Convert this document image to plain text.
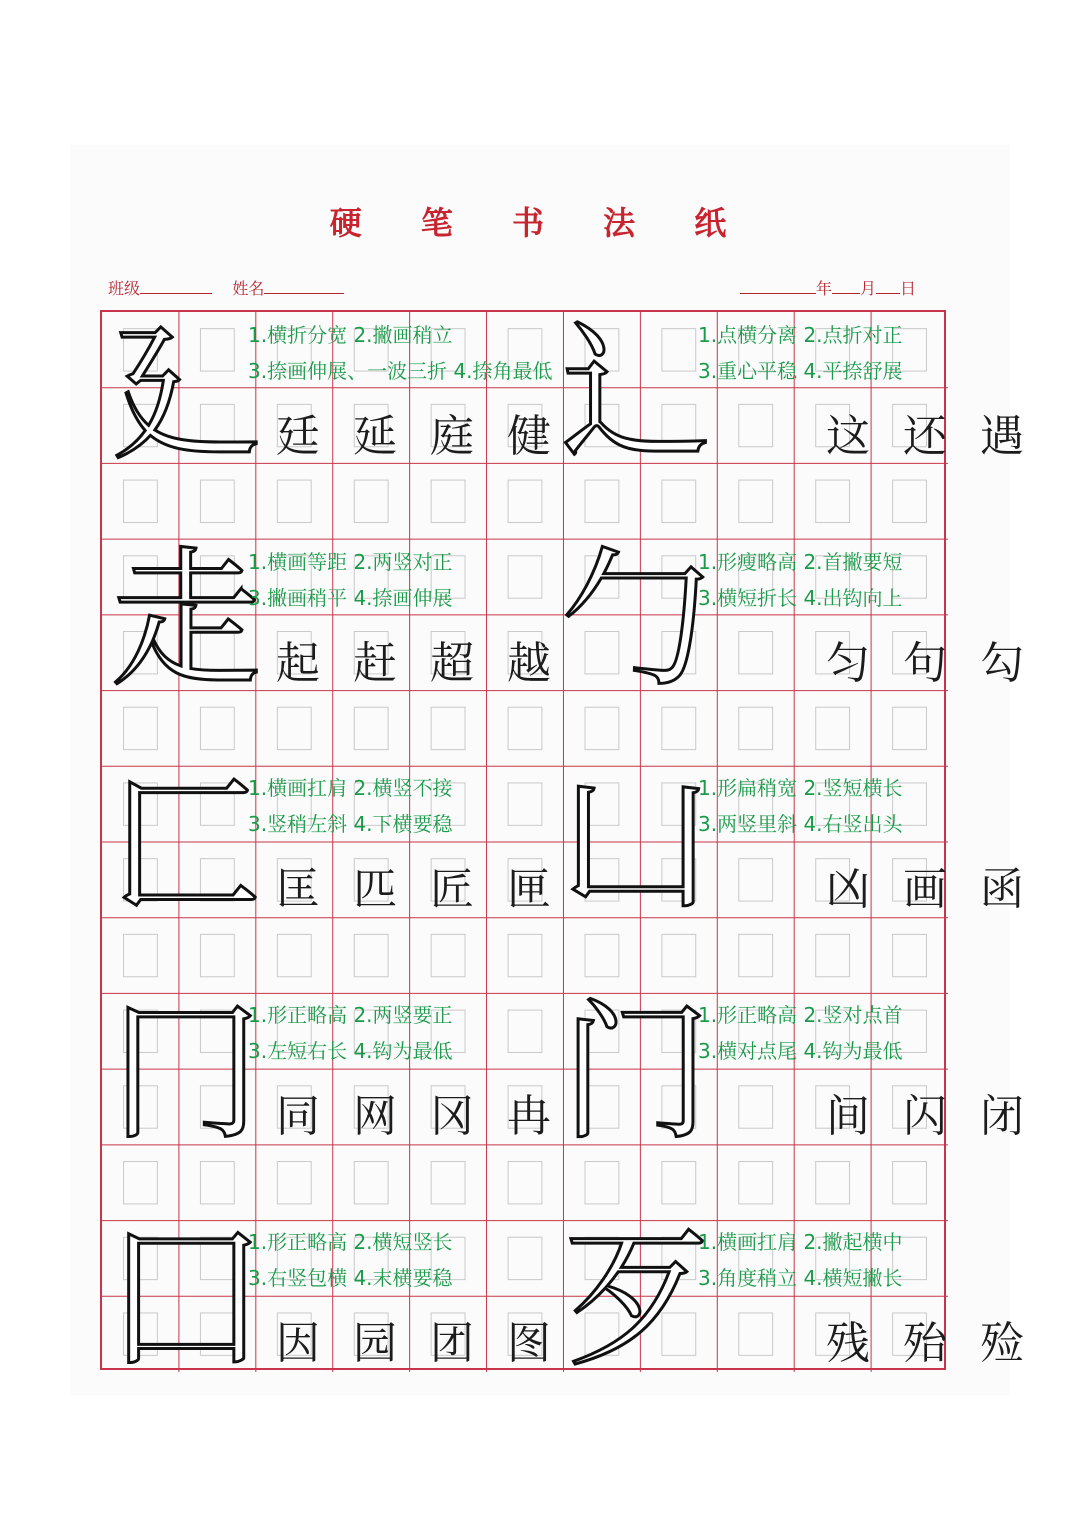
硬 笔 书 法 纸
班级	姓名	年 月 日
廴
1.横折分宽 2.撇画稍立
3.捺画伸展、一波三折 4.捺角最低
廷 延 庭 健 辶
1.点横分离 2.点折对正
3.重心平稳 4.平捺舒展
这 还 遇
走
1.横画等距 2.两竖对正
3.撇画稍平 4.捺画伸展
起 赶 超 越 勹
1.形瘦略高 2.首撇要短
3.横短折长 4.出钩向上
匀 句 勾
匚
1.横画扛肩 2.横竖不接
3.竖稍左斜 4.下横要稳
匡 匹 匠 匣 凵
1.形扁稍宽 2.竖短横长
3.两竖里斜 4.右竖出头
凶 画 函
冂
1.形正略高 2.两竖要正
3.左短右长 4.钩为最低
同 网 冈 冉 门
1.形正略高 2.竖对点首
3.横对点尾 4.钩为最低
间 闪 闭
囗
1.形正略高 2.横短竖长
3.右竖包横 4.末横要稳
因 园 团 图 歹
1.横画扛肩 2.撇起横中
3.角度稍立 4.横短撇长
残 殆 殓
